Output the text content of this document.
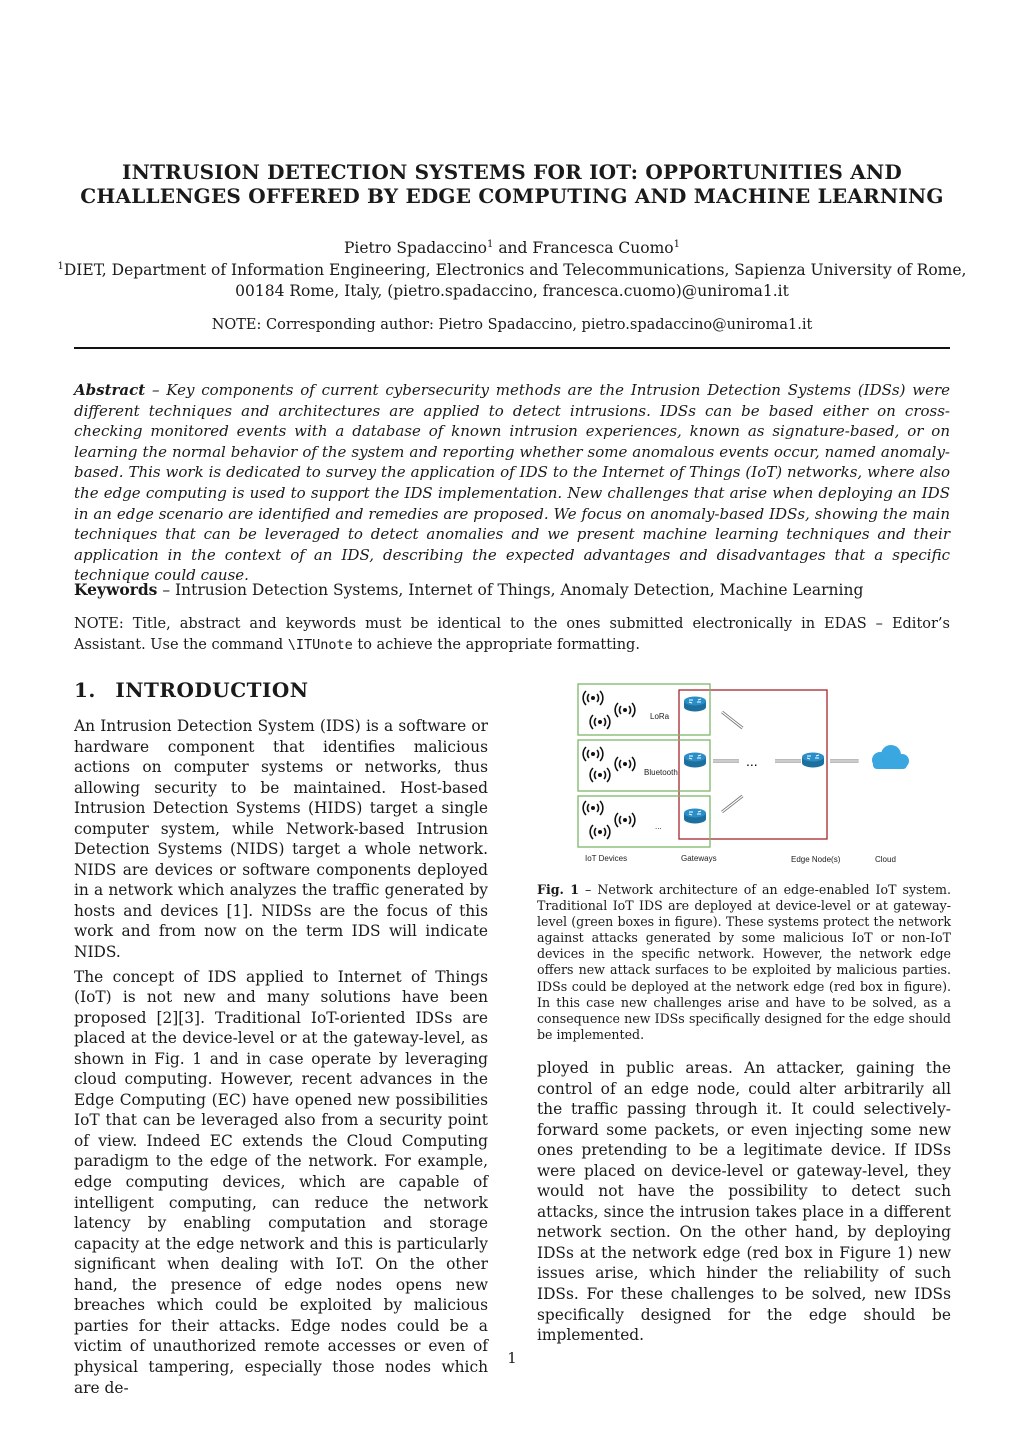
INTRUSION DETECTION SYSTEMS FOR IOT: OPPORTUNITIES AND
CHALLENGES OFFERED BY EDGE COMPUTING AND MACHINE LEARNING
Pietro Spadaccino$^1$ and Francesca Cuomo$^1$
$^1$DIET, Department of Information Engineering, Electronics and Telecommunications, Sapienza University of Rome,
00184 Rome, Italy, (pietro.spadaccino, francesca.cuomo)@uniroma1.it
NOTE: Corresponding author: Pietro Spadaccino, pietro.spadaccino@uniroma1.it
Abstract – Key components of current cybersecurity methods are the Intrusion Detection Systems (IDSs) were different techniques and architectures are applied to detect intrusions. IDSs can be based either on cross-checking monitored events with a database of known intrusion experiences, known as signature-based, or on learning the normal behavior of the system and reporting whether some anomalous events occur, named anomaly-based. This work is dedicated to survey the application of IDS to the Internet of Things (IoT) networks, where also the edge computing is used to support the IDS implementation. New challenges that arise when deploying an IDS in an edge scenario are identified and remedies are proposed. We focus on anomaly-based IDSs, showing the main techniques that can be leveraged to detect anomalies and we present machine learning techniques and their application in the context of an IDS, describing the expected advantages and disadvantages that a specific technique could cause.
Keywords – Intrusion Detection Systems, Internet of Things, Anomaly Detection, Machine Learning
NOTE: Title, abstract and keywords must be identical to the ones submitted electronically in EDAS – Editor’s Assistant. Use the command \ITUnote to achieve the appropriate formatting.
1. INTRODUCTION

An Intrusion Detection System (IDS) is a software or hardware component that identifies malicious actions on computer systems or networks, thus allowing security to be maintained. Host-based Intrusion Detection Systems (HIDS) target a single computer system, while Network-based Intrusion Detection Systems (NIDS) target a whole network. NIDS are devices or software components deployed in a network which analyzes the traffic generated by hosts and devices [1]. NIDSs are the focus of this work and from now on the term IDS will indicate NIDS.

The concept of IDS applied to Internet of Things (IoT) is not new and many solutions have been proposed [2][3]. Traditional IoT-oriented IDSs are placed at the device-level or at the gateway-level, as shown in Fig. 1 and in case operate by leveraging cloud computing. However, recent advances in the Edge Computing (EC) have opened new possibilities IoT that can be leveraged also from a security point of view. Indeed EC extends the Cloud Computing paradigm to the edge of the network. For example, edge computing devices, which are capable of intelligent computing, can reduce the network latency by enabling computation and storage capacity at the edge network and this is particularly significant when dealing with IoT. On the other hand, the presence of edge nodes opens new breaches which could be exploited by malicious parties for their attacks. Edge nodes could be a victim of unauthorized remote accesses or even of physical tampering, especially those nodes which are de-

LoRa
Bluetooth
...
...
IoT Devices	Gateways	Edge Node(s)	Cloud
Fig. 1 – Network architecture of an edge-enabled IoT system. Traditional IoT IDS are deployed at device-level or at gateway-level (green boxes in figure). These systems protect the network against attacks generated by some malicious IoT or non-IoT devices in the specific network. However, the network edge offers new attack surfaces to be exploited by malicious parties. IDSs could be deployed at the network edge (red box in figure). In this case new challenges arise and have to be solved, as a consequence new IDSs specifically designed for the edge should be implemented.

ployed in public areas. An attacker, gaining the control of an edge node, could alter arbitrarily all the traffic passing through it. It could selectively-forward some packets, or even injecting some new ones pretending to be a legitimate device. If IDSs were placed on device-level or gateway-level, they would not have the possibility to detect such attacks, since the intrusion takes place in a different network section. On the other hand, by deploying IDSs at the network edge (red box in Figure 1) new issues arise, which hinder the reliability of such IDSs. For these challenges to be solved, new IDSs specifically designed for the edge should be implemented.

1
